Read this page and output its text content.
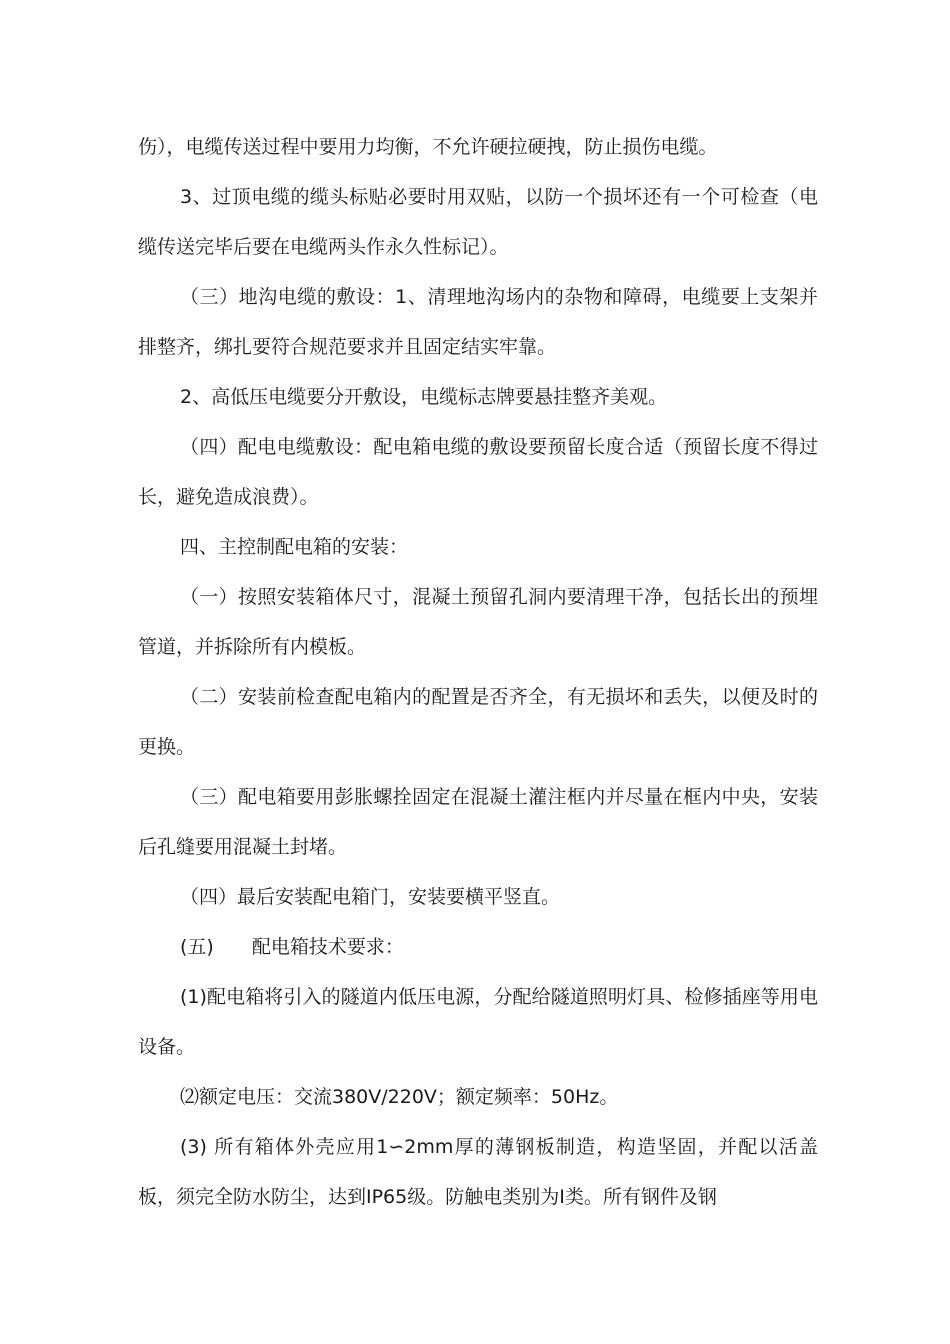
伤），电缆传送过程中要用力均衡，不允许硬拉硬拽，防止损伤电缆。

3、过顶电缆的缆头标贴必要时用双贴，以防一个损坏还有一个可检查（电缆传送完毕后要在电缆两头作永久性标记）。

（三）地沟电缆的敷设：1、清理地沟场内的杂物和障碍，电缆要上支架并排整齐，绑扎要符合规范要求并且固定结实牢靠。

2、高低压电缆要分开敷设，电缆标志牌要悬挂整齐美观。

（四）配电电缆敷设：配电箱电缆的敷设要预留长度合适（预留长度不得过长，避免造成浪费）。

四、主控制配电箱的安装：

（一）按照安装箱体尺寸，混凝土预留孔洞内要清理干净，包括长出的预埋管道，并拆除所有内模板。

（二）安装前检查配电箱内的配置是否齐全，有无损坏和丢失，以便及时的更换。

（三）配电箱要用彭胀螺拴固定在混凝土灌注框内并尽量在框内中央，安装后孔缝要用混凝土封堵。

（四）最后安装配电箱门，安装要横平竖直。

(五)　　配电箱技术要求：

(1)配电箱将引入的隧道内低压电源，分配给隧道照明灯具、检修插座等用电设备。

⑵额定电压：交流380V/220V；额定频率：50Hz。

(3) 所有箱体外壳应用1∽2mm厚的薄钢板制造，构造坚固，并配以活盖板，须完全防水防尘，达到IP65级。防触电类别为Ⅰ类。所有钢件及钢
